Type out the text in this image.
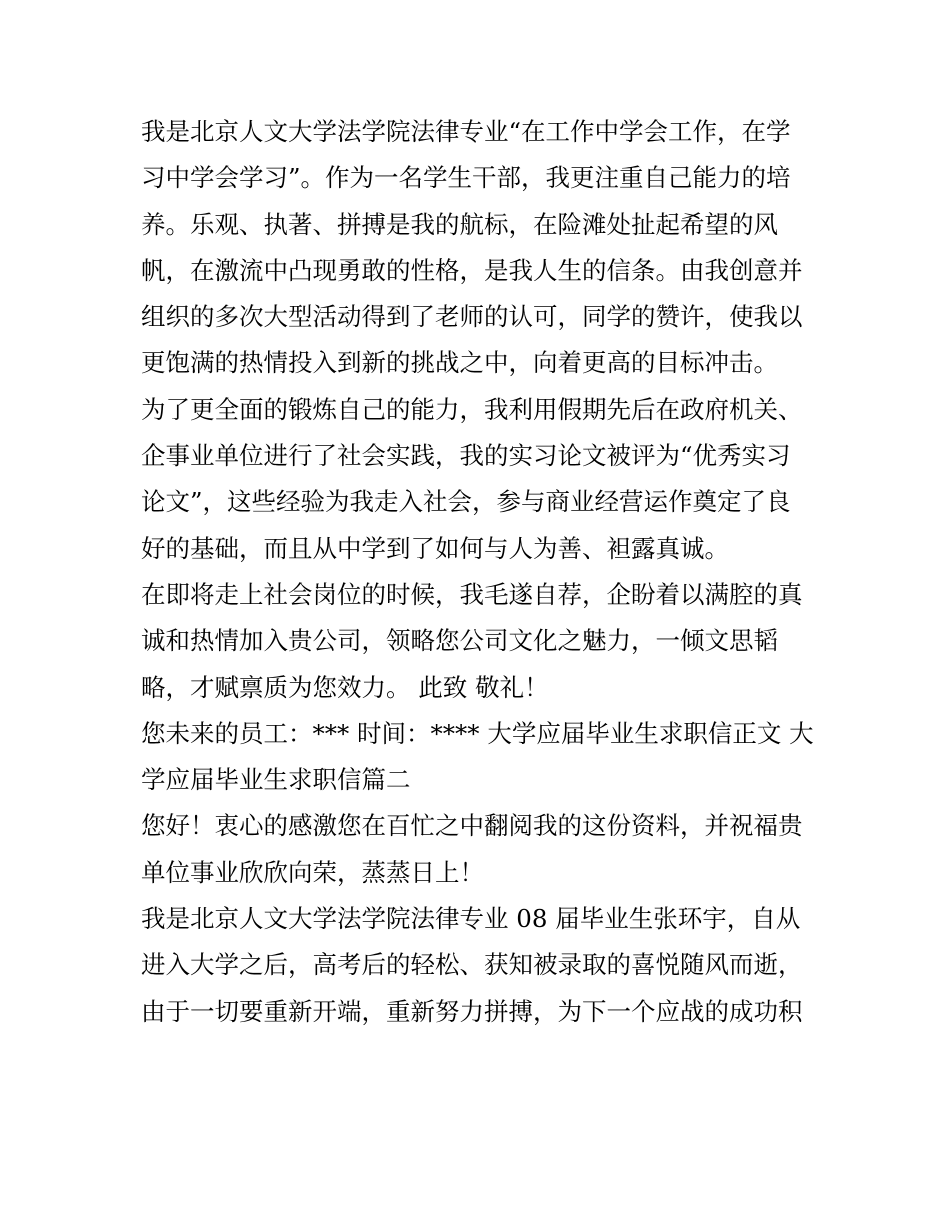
我是北京人文大学法学院法律专业“在工作中学会工作，在学
习中学会学习”。作为一名学生干部，我更注重自己能力的培
养。乐观、执著、拼搏是我的航标，在险滩处扯起希望的风
帆，在激流中凸现勇敢的性格，是我人生的信条。由我创意并
组织的多次大型活动得到了老师的认可，同学的赞许，使我以
更饱满的热情投入到新的挑战之中，向着更高的目标冲击。
为了更全面的锻炼自己的能力，我利用假期先后在政府机关、
企事业单位进行了社会实践，我的实习论文被评为“优秀实习
论文”，这些经验为我走入社会，参与商业经营运作奠定了良
好的基础，而且从中学到了如何与人为善、袒露真诚。
在即将走上社会岗位的时候，我毛遂自荐，企盼着以满腔的真
诚和热情加入贵公司，领略您公司文化之魅力，一倾文思韬
略，才赋禀质为您效力。 此致 敬礼！
您未来的员工：*** 时间：**** 大学应届毕业生求职信正文 大
学应届毕业生求职信篇二
您好！衷心的感激您在百忙之中翻阅我的这份资料，并祝福贵
单位事业欣欣向荣，蒸蒸日上！
我是北京人文大学法学院法律专业 08 届毕业生张环宇，自从
进入大学之后，高考后的轻松、获知被录取的喜悦随风而逝，
由于一切要重新开端，重新努力拼搏，为下一个应战的成功积
